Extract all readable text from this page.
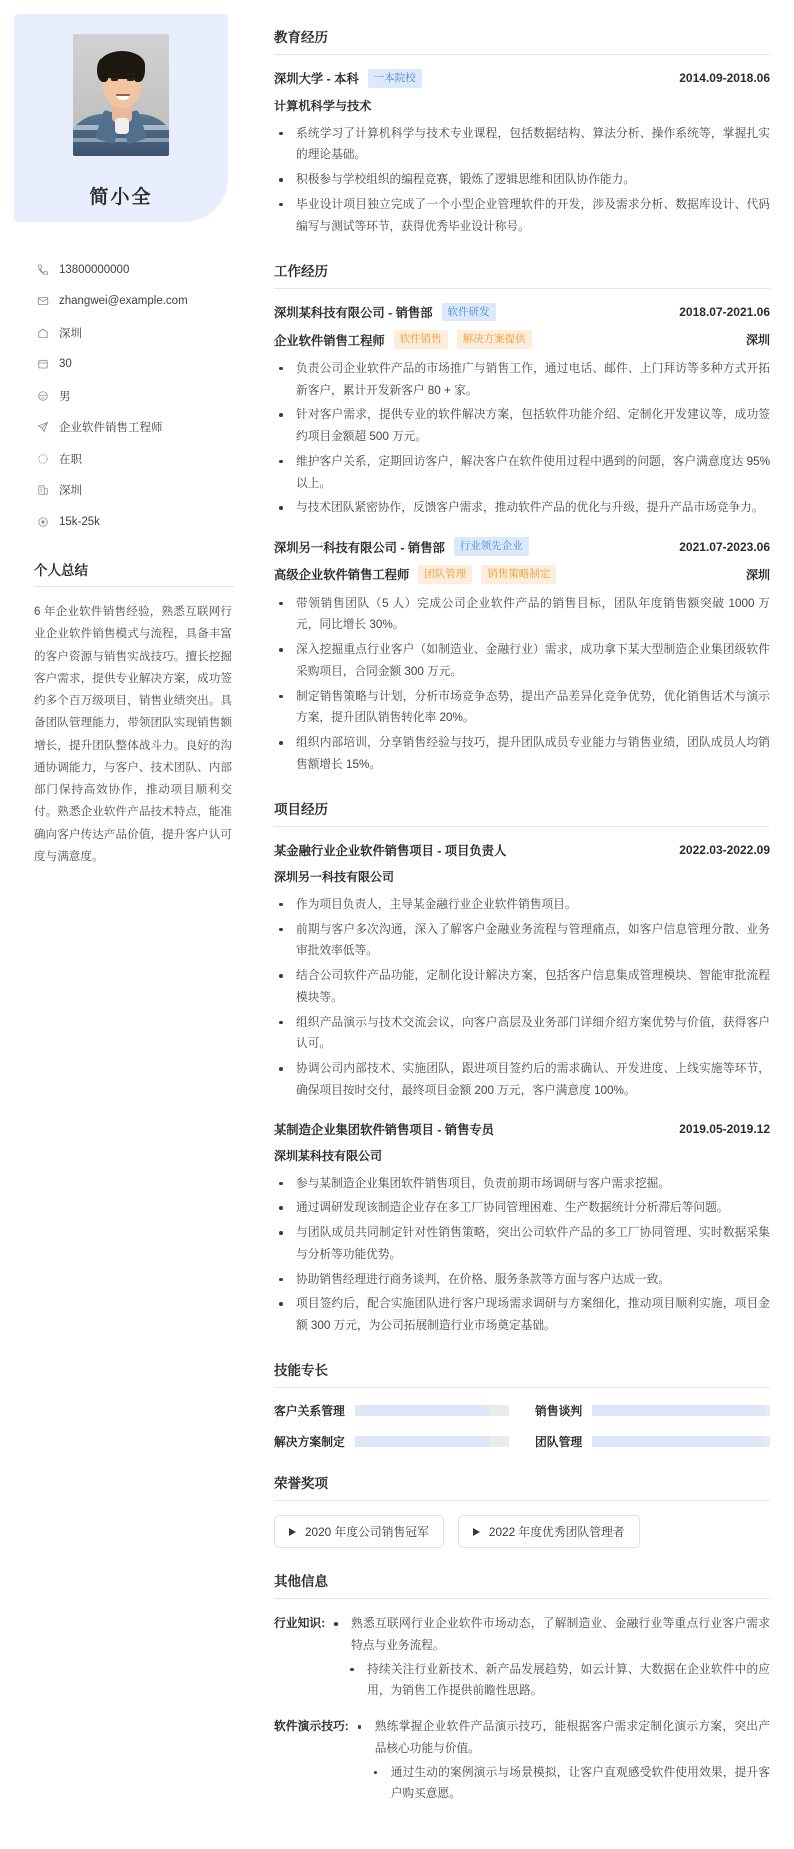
简小全
13800000000
zhangwei@example.com
深圳
30
男
企业软件销售工程师
在职
深圳
15k-25k
个人总结
6 年企业软件销售经验，熟悉互联网行业企业软件销售模式与流程，具备丰富的客户资源与销售实战技巧。擅长挖掘客户需求，提供专业解决方案，成功签约多个百万级项目，销售业绩突出。具备团队管理能力，带领团队实现销售额增长，提升团队整体战斗力。良好的沟通协调能力，与客户、技术团队、内部部门保持高效协作，推动项目顺利交付。熟悉企业软件产品技术特点，能准确向客户传达产品价值，提升客户认可度与满意度。
教育经历
深圳大学 - 本科	一本院校	2014.09-2018.06
计算机科学与技术
系统学习了计算机科学与技术专业课程，包括数据结构、算法分析、操作系统等，掌握扎实的理论基础。
积极参与学校组织的编程竞赛，锻炼了逻辑思维和团队协作能力。
毕业设计项目独立完成了一个小型企业管理软件的开发，涉及需求分析、数据库设计、代码编写与测试等环节，获得优秀毕业设计称号。
工作经历
深圳某科技有限公司 - 销售部	软件研发	2018.07-2021.06
企业软件销售工程师	软件销售	解决方案提供	深圳
负责公司企业软件产品的市场推广与销售工作，通过电话、邮件、上门拜访等多种方式开拓新客户，累计开发新客户 80 + 家。
针对客户需求，提供专业的软件解决方案，包括软件功能介绍、定制化开发建议等，成功签约项目金额超 500 万元。
维护客户关系，定期回访客户，解决客户在软件使用过程中遇到的问题，客户满意度达 95% 以上。
与技术团队紧密协作，反馈客户需求，推动软件产品的优化与升级，提升产品市场竞争力。
深圳另一科技有限公司 - 销售部	行业领先企业	2021.07-2023.06
高级企业软件销售工程师	团队管理	销售策略制定	深圳
带领销售团队（5 人）完成公司企业软件产品的销售目标，团队年度销售额突破 1000 万元，同比增长 30%。
深入挖掘重点行业客户（如制造业、金融行业）需求，成功拿下某大型制造企业集团级软件采购项目，合同金额 300 万元。
制定销售策略与计划，分析市场竞争态势，提出产品差异化竞争优势，优化销售话术与演示方案，提升团队销售转化率 20%。
组织内部培训，分享销售经验与技巧，提升团队成员专业能力与销售业绩，团队成员人均销售额增长 15%。
项目经历
某金融行业企业软件销售项目 - 项目负责人	2022.03-2022.09
深圳另一科技有限公司
作为项目负责人，主导某金融行业企业软件销售项目。
前期与客户多次沟通，深入了解客户金融业务流程与管理痛点，如客户信息管理分散、业务审批效率低等。
结合公司软件产品功能，定制化设计解决方案，包括客户信息集成管理模块、智能审批流程模块等。
组织产品演示与技术交流会议，向客户高层及业务部门详细介绍方案优势与价值，获得客户认可。
协调公司内部技术、实施团队，跟进项目签约后的需求确认、开发进度、上线实施等环节，确保项目按时交付，最终项目金额 200 万元，客户满意度 100%。
某制造企业集团软件销售项目 - 销售专员	2019.05-2019.12
深圳某科技有限公司
参与某制造企业集团软件销售项目，负责前期市场调研与客户需求挖掘。
通过调研发现该制造企业存在多工厂协同管理困难、生产数据统计分析滞后等问题。
与团队成员共同制定针对性销售策略，突出公司软件产品的多工厂协同管理、实时数据采集与分析等功能优势。
协助销售经理进行商务谈判，在价格、服务条款等方面与客户达成一致。
项目签约后，配合实施团队进行客户现场需求调研与方案细化，推动项目顺利实施，项目金额 300 万元，为公司拓展制造行业市场奠定基础。
技能专长
客户关系管理	销售谈判
解决方案制定	团队管理
荣誉奖项
2020 年度公司销售冠军	2022 年度优秀团队管理者
其他信息
行业知识:	熟悉互联网行业企业软件市场动态，了解制造业、金融行业等重点行业客户需求特点与业务流程。
持续关注行业新技术、新产品发展趋势，如云计算、大数据在企业软件中的应用，为销售工作提供前瞻性思路。
软件演示技巧:	熟练掌握企业软件产品演示技巧，能根据客户需求定制化演示方案，突出产品核心功能与价值。
通过生动的案例演示与场景模拟，让客户直观感受软件使用效果，提升客户购买意愿。
